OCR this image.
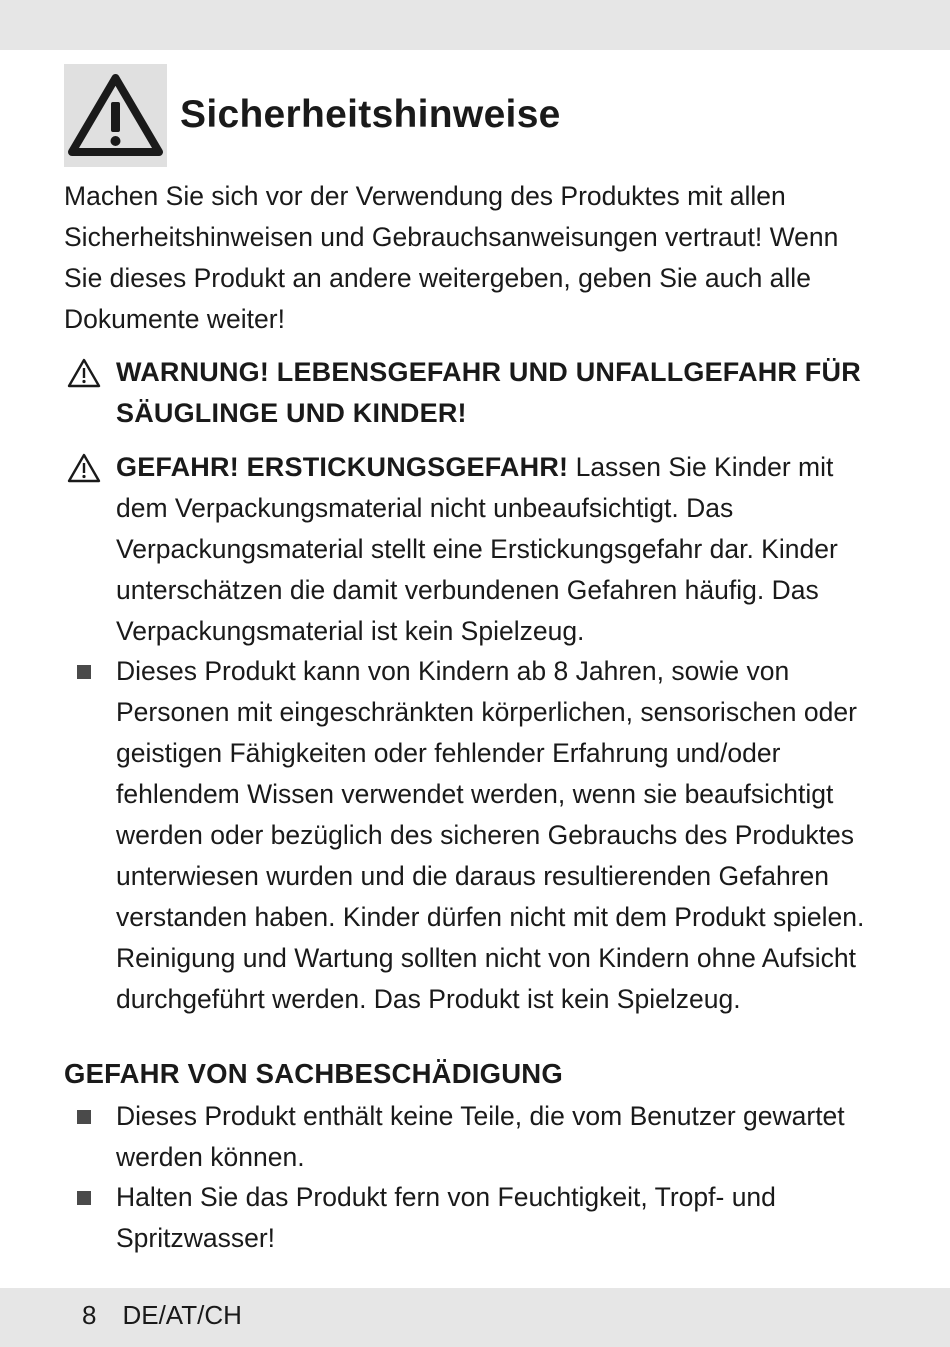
Sicherheitshinweise

Machen Sie sich vor der Verwendung des Produktes mit allen Sicherheitshinweisen und Gebrauchsanweisungen vertraut! Wenn Sie dieses Produkt an andere weitergeben, geben Sie auch alle Dokumente weiter!

WARNUNG! LEBENSGEFAHR UND UNFALLGEFAHR FÜR SÄUGLINGE UND KINDER!
GEFAHR! ERSTICKUNGSGEFAHR! Lassen Sie Kinder mit dem Verpackungsmaterial nicht unbeaufsichtigt. Das Verpackungsmaterial stellt eine Erstickungsgefahr dar. Kinder unterschätzen die damit verbundenen Gefahren häufig. Das Verpackungsmaterial ist kein Spielzeug.
Dieses Produkt kann von Kindern ab 8 Jahren, sowie von Personen mit eingeschränkten körperlichen, sensorischen oder geistigen Fähigkeiten oder fehlender Erfahrung und/oder fehlendem Wissen verwendet werden, wenn sie beaufsichtigt werden oder bezüglich des sicheren Gebrauchs des Produktes unterwiesen wurden und die daraus resultierenden Gefahren verstanden haben. Kinder dürfen nicht mit dem Produkt spielen. Reinigung und Wartung sollten nicht von Kindern ohne Aufsicht durchgeführt werden. Das Produkt ist kein Spielzeug.
GEFAHR VON SACHBESCHÄDIGUNG
Dieses Produkt enthält keine Teile, die vom Benutzer gewartet werden können.
Halten Sie das Produkt fern von Feuchtigkeit, Tropf- und Spritzwasser!
8 DE/AT/CH
